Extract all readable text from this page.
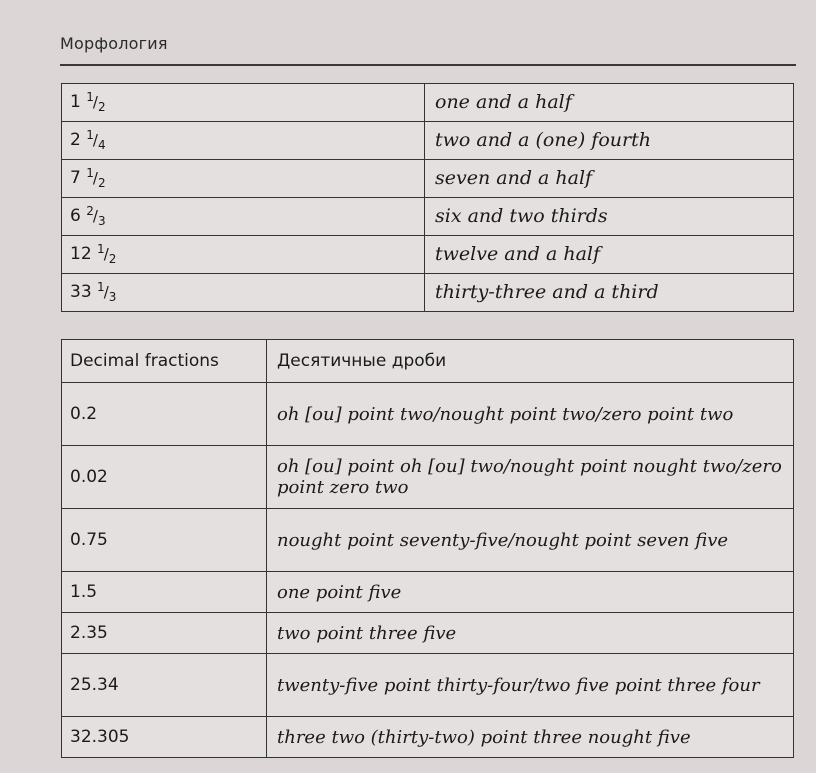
Морфология
1 1/2	one and a half
2 1/4	two and a (one) fourth
7 1/2	seven and a half
6 2/3	six and two thirds
12 1/2	twelve and a half
33 1/3	thirty-three and a third
Decimal fractions	Десятичные дроби
0.2	oh [ou] point two/nought point two/zero point two
0.02	oh [ou] point oh [ou] two/nought point nought two/zero point zero two
0.75	nought point seventy-five/nought point seven five
1.5	one point five
2.35	two point three five
25.34	twenty-five point thirty-four/two five point three four
32.305	three two (thirty-two) point three nought five
